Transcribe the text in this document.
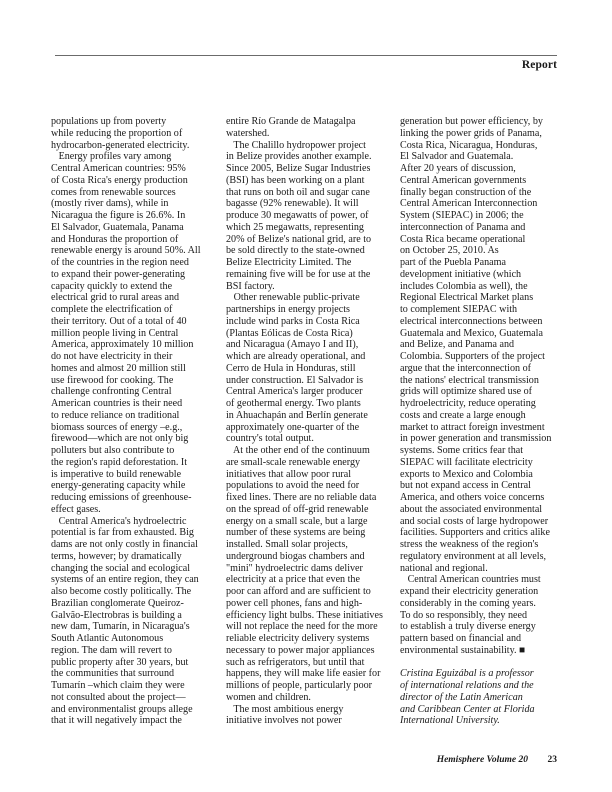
Report
populations up from poverty
while reducing the proportion of
hydrocarbon-generated electricity.
Energy profiles vary among
Central American countries: 95%
of Costa Rica's energy production
comes from renewable sources
(mostly river dams), while in
Nicaragua the figure is 26.6%. In
El Salvador, Guatemala, Panama
and Honduras the proportion of
renewable energy is around 50%. All
of the countries in the region need
to expand their power-generating
capacity quickly to extend the
electrical grid to rural areas and
complete the electrification of
their territory. Out of a total of 40
million people living in Central
America, approximately 10 million
do not have electricity in their
homes and almost 20 million still
use firewood for cooking. The
challenge confronting Central
American countries is their need
to reduce reliance on traditional
biomass sources of energy –e.g.,
firewood—which are not only big
polluters but also contribute to
the region's rapid deforestation. It
is imperative to build renewable
energy-generating capacity while
reducing emissions of greenhouse-
effect gases.
Central America's hydroelectric
potential is far from exhausted. Big
dams are not only costly in financial
terms, however; by dramatically
changing the social and ecological
systems of an entire region, they can
also become costly politically. The
Brazilian conglomerate Queiroz-
Galvão-Electrobras is building a
new dam, Tumarín, in Nicaragua's
South Atlantic Autonomous
region. The dam will revert to
public property after 30 years, but
the communities that surround
Tumarín –which claim they were
not consulted about the project—
and environmentalist groups allege
that it will negatively impact the
entire Río Grande de Matagalpa
watershed.
The Chalillo hydropower project
in Belize provides another example.
Since 2005, Belize Sugar Industries
(BSI) has been working on a plant
that runs on both oil and sugar cane
bagasse (92% renewable). It will
produce 30 megawatts of power, of
which 25 megawatts, representing
20% of Belize's national grid, are to
be sold directly to the state-owned
Belize Electricity Limited. The
remaining five will be for use at the
BSI factory.
Other renewable public-private
partnerships in energy projects
include wind parks in Costa Rica
(Plantas Eólicas de Costa Rica)
and Nicaragua (Amayo I and II),
which are already operational, and
Cerro de Hula in Honduras, still
under construction. El Salvador is
Central America's larger producer
of geothermal energy. Two plants
in Ahuachapán and Berlín generate
approximately one-quarter of the
country's total output.
At the other end of the continuum
are small-scale renewable energy
initiatives that allow poor rural
populations to avoid the need for
fixed lines. There are no reliable data
on the spread of off-grid renewable
energy on a small scale, but a large
number of these systems are being
installed. Small solar projects,
underground biogas chambers and
"mini" hydroelectric dams deliver
electricity at a price that even the
poor can afford and are sufficient to
power cell phones, fans and high-
efficiency light bulbs. These initiatives
will not replace the need for the more
reliable electricity delivery systems
necessary to power major appliances
such as refrigerators, but until that
happens, they will make life easier for
millions of people, particularly poor
women and children.
The most ambitious energy
initiative involves not power
generation but power efficiency, by
linking the power grids of Panama,
Costa Rica, Nicaragua, Honduras,
El Salvador and Guatemala.
After 20 years of discussion,
Central American governments
finally began construction of the
Central American Interconnection
System (SIEPAC) in 2006; the
interconnection of Panama and
Costa Rica became operational
on October 25, 2010. As
part of the Puebla Panama
development initiative (which
includes Colombia as well), the
Regional Electrical Market plans
to complement SIEPAC with
electrical interconnections between
Guatemala and Mexico, Guatemala
and Belize, and Panama and
Colombia. Supporters of the project
argue that the interconnection of
the nations' electrical transmission
grids will optimize shared use of
hydroelectricity, reduce operating
costs and create a large enough
market to attract foreign investment
in power generation and transmission
systems. Some critics fear that
SIEPAC will facilitate electricity
exports to Mexico and Colombia
but not expand access in Central
America, and others voice concerns
about the associated environmental
and social costs of large hydropower
facilities. Supporters and critics alike
stress the weakness of the region's
regulatory environment at all levels,
national and regional.
Central American countries must
expand their electricity generation
considerably in the coming years.
To do so responsibly, they need
to establish a truly diverse energy
pattern based on financial and
environmental sustainability. ■
Cristina Eguizábal is a professor
of international relations and the
director of the Latin American
and Caribbean Center at Florida
International University.
Hemisphere Volume 20 23
